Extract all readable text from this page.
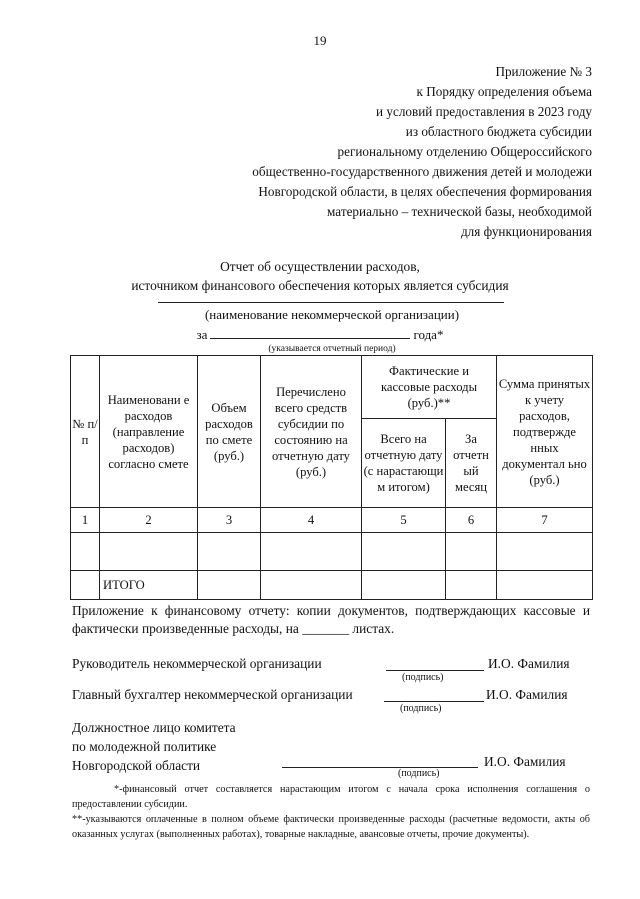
19
Приложение № 3
к Порядку определения объема
и условий предоставления в 2023 году
из областного бюджета субсидии
региональному отделению Общероссийского
общественно-государственного движения детей и молодежи
Новгородской области, в целях обеспечения формирования
материально – технической базы, необходимой
для функционирования
Отчет об осуществлении расходов,
источником финансового обеспечения которых является субсидия
(наименование некоммерческой организации)
за	года*
(указывается отчетный период)
№ п/п	Наименовани е расходов (направление расходов) согласно смете	Объем расходов по смете (руб.)	Перечислено всего средств субсидии по состоянию на отчетную дату (руб.)	Фактические и кассовые расходы (руб.)**		Сумма принятых к учету расходов, подтвержде нных документал ьно (руб.)
				Всего на отчетную дату (с нарастающи м итогом)	За отчетн ый месяц	
1	2	3	4	5	6	7

	ИТОГО					
Приложение к финансовому отчету: копии документов, подтверждающих кассовые и фактически произведенные расходы, на _______ листах.
Руководитель некоммерческой организации	И.О. Фамилия
(подпись)
Главный бухгалтер некоммерческой организации	И.О. Фамилия
(подпись)
Должностное лицо комитета
по молодежной политике
Новгородской области	И.О. Фамилия
(подпись)

*-финансовый отчет составляется нарастающим итогом с начала срока исполнения соглашения о предоставлении субсидии.

**-указываются оплаченные в полном объеме фактически произведенные расходы (расчетные ведомости, акты об оказанных услугах (выполненных работах), товарные накладные, авансовые отчеты, прочие документы).
